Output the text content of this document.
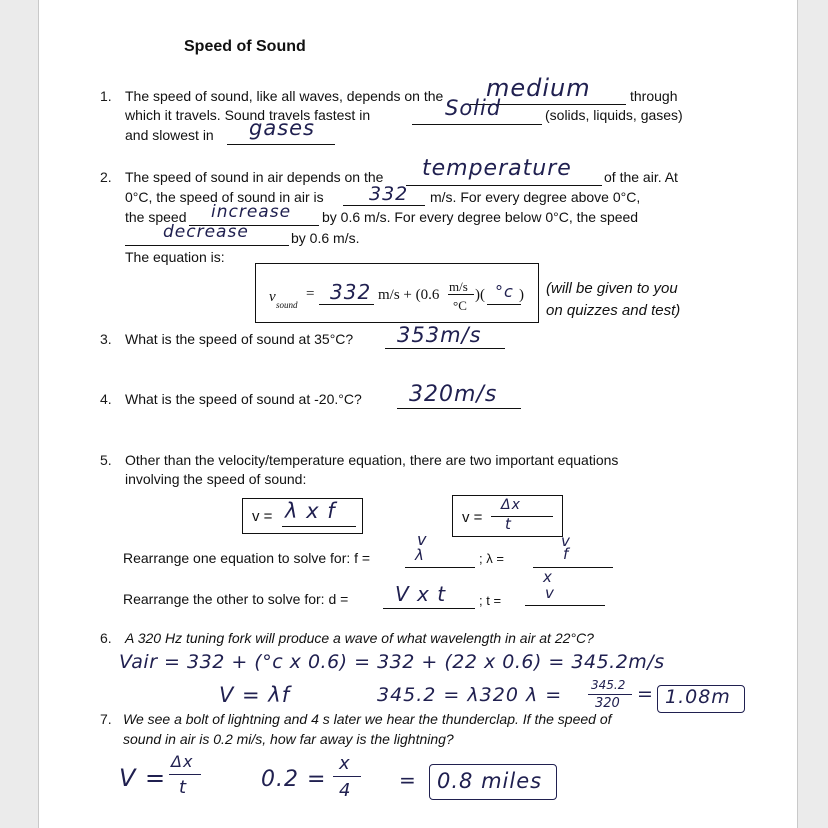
Speed of Sound
1. The speed of sound, like all waves, depends on the medium	through
which it travels. Sound travels fastest in	Solid	(solids, liquids, gases)
and slowest in gases
2. The speed of sound in air depends on the temperature of the air. At
0°C, the speed of sound in air is 332 m/s. For every degree above 0°C,
the speed increase by 0.6 m/s. For every degree below 0°C, the speed
decrease	by 0.6 m/s.
The equation is:
v sound
= 332 m/s + (0.6
m/s
°C
)( °c ) (will be given to you
on quizzes and test)
3. What is the speed of sound at 35°C? 353m/s
4. What is the speed of sound at -20.°C? 320m/s
5. Other than the velocity/temperature equation, there are two important equations
involving the speed of sound:
v = λ x f	v =
Δx
t
Rearrange one equation to solve for: f =
v
λ	; λ =
v
f
Rearrange the other to solve for: d = V x t	; t =
x
v
6. A 320 Hz tuning fork will produce a wave of what wavelength in air at 22°C?
Vair = 332 + (°c x 0.6) = 332 + (22 x 0.6) = 345.2m/s
V = λf	345.2 = λ320 λ = 345.2
320 = 1.08m
7. We see a bolt of lightning and 4 s later we hear the thunderclap. If the speed of
sound in air is 0.2 mi/s, how far away is the lightning?
V =
Δx
t	0.2 =
x
4 = 0.8 miles
